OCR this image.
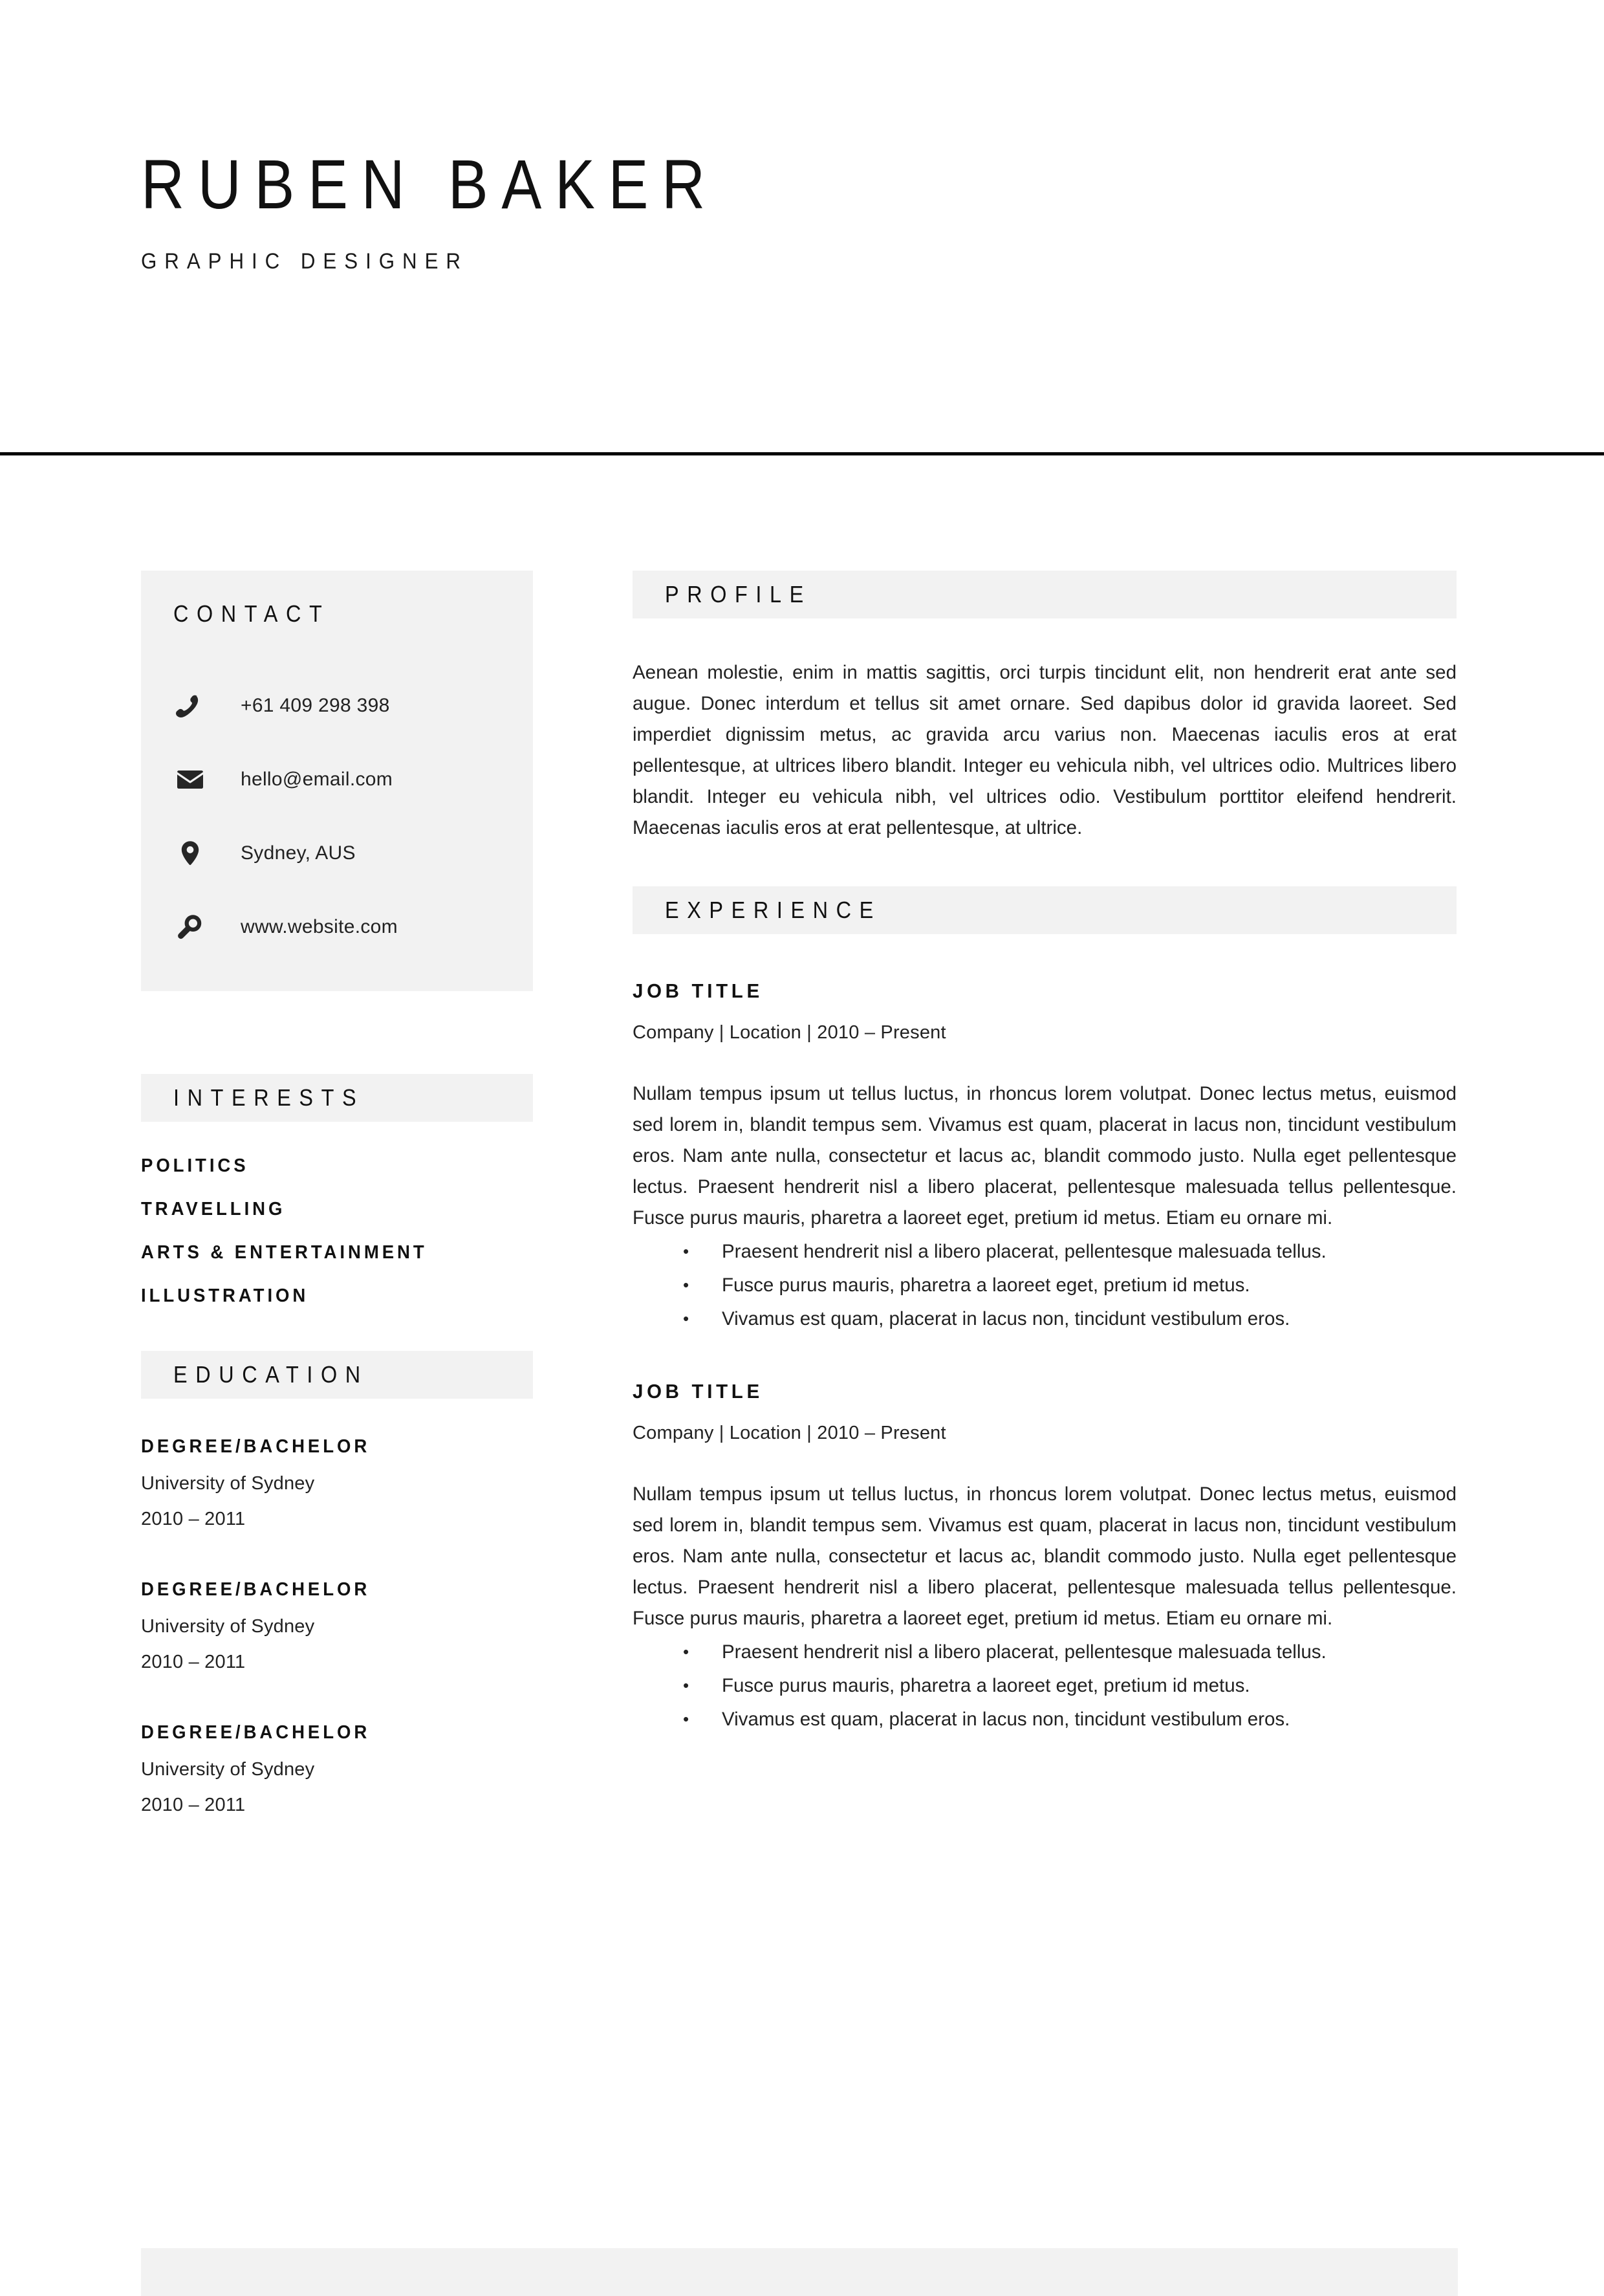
RUBEN BAKER
GRAPHIC DESIGNER
CONTACT
+61 409 298 398
hello@email.com
Sydney, AUS
www.website.com
INTERESTS
POLITICS
TRAVELLING
ARTS & ENTERTAINMENT
ILLUSTRATION
EDUCATION
DEGREE/BACHELOR
University of Sydney
2010 – 2011
DEGREE/BACHELOR
University of Sydney
2010 – 2011
DEGREE/BACHELOR
University of Sydney
2010 – 2011
PROFILE
Aenean molestie, enim in mattis sagittis, orci turpis tincidunt elit, non hendrerit erat ante sed augue. Donec interdum et tellus sit amet ornare. Sed dapibus dolor id gravida laoreet. Sed imperdiet dignissim metus, ac gravida arcu varius non. Maecenas iaculis eros at erat pellentesque, at ultrices libero blandit. Integer eu vehicula nibh, vel ultrices odio. Multrices libero blandit. Integer eu vehicula nibh, vel ultrices odio. Vestibulum porttitor eleifend hendrerit. Maecenas iaculis eros at erat pellentesque, at ultrice.
EXPERIENCE
JOB TITLE
Company | Location | 2010 – Present
Nullam tempus ipsum ut tellus luctus, in rhoncus lorem volutpat. Donec lectus metus, euismod sed lorem in, blandit tempus sem. Vivamus est quam, placerat in lacus non, tincidunt vestibulum eros. Nam ante nulla, consectetur et lacus ac, blandit commodo justo. Nulla eget pellentesque lectus. Praesent hendrerit nisl a libero placerat, pellentesque malesuada tellus pellentesque. Fusce purus mauris, pharetra a laoreet eget, pretium id metus. Etiam eu ornare mi.
• Praesent hendrerit nisl a libero placerat, pellentesque malesuada tellus.
• Fusce purus mauris, pharetra a laoreet eget, pretium id metus.
• Vivamus est quam, placerat in lacus non, tincidunt vestibulum eros.
JOB TITLE
Company | Location | 2010 – Present
Nullam tempus ipsum ut tellus luctus, in rhoncus lorem volutpat. Donec lectus metus, euismod sed lorem in, blandit tempus sem. Vivamus est quam, placerat in lacus non, tincidunt vestibulum eros. Nam ante nulla, consectetur et lacus ac, blandit commodo justo. Nulla eget pellentesque lectus. Praesent hendrerit nisl a libero placerat, pellentesque malesuada tellus pellentesque. Fusce purus mauris, pharetra a laoreet eget, pretium id metus. Etiam eu ornare mi.
• Praesent hendrerit nisl a libero placerat, pellentesque malesuada tellus.
• Fusce purus mauris, pharetra a laoreet eget, pretium id metus.
• Vivamus est quam, placerat in lacus non, tincidunt vestibulum eros.
